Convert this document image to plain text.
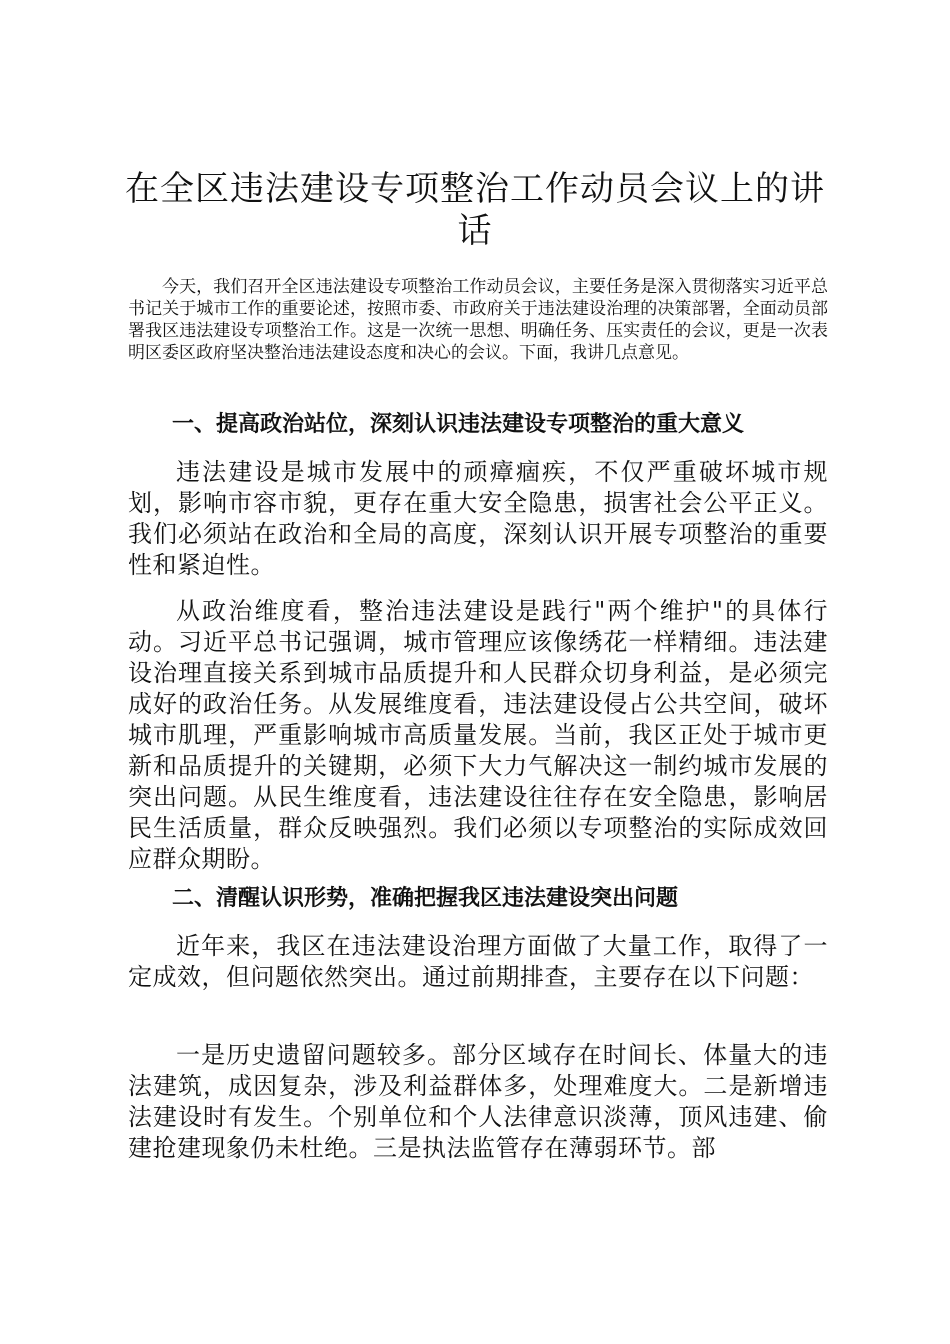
在全区违法建设专项整治工作动员会议上的讲话

今天，我们召开全区违法建设专项整治工作动员会议，主要任务是深入贯彻落实习近平总书记关于城市工作的重要论述，按照市委、市政府关于违法建设治理的决策部署，全面动员部署我区违法建设专项整治工作。这是一次统一思想、明确任务、压实责任的会议，更是一次表明区委区政府坚决整治违法建设态度和决心的会议。下面，我讲几点意见。

一、提高政治站位，深刻认识违法建设专项整治的重大意义

违法建设是城市发展中的顽瘴痼疾，不仅严重破坏城市规划，影响市容市貌，更存在重大安全隐患，损害社会公平正义。我们必须站在政治和全局的高度，深刻认识开展专项整治的重要性和紧迫性。

从政治维度看，整治违法建设是践行"两个维护"的具体行动。习近平总书记强调，城市管理应该像绣花一样精细。违法建设治理直接关系到城市品质提升和人民群众切身利益，是必须完成好的政治任务。从发展维度看，违法建设侵占公共空间，破坏城市肌理，严重影响城市高质量发展。当前，我区正处于城市更新和品质提升的关键期，必须下大力气解决这一制约城市发展的突出问题。从民生维度看，违法建设往往存在安全隐患，影响居民生活质量，群众反映强烈。我们必须以专项整治的实际成效回应群众期盼。

二、清醒认识形势，准确把握我区违法建设突出问题

近年来，我区在违法建设治理方面做了大量工作，取得了一定成效，但问题依然突出。通过前期排查，主要存在以下问题：

一是历史遗留问题较多。部分区域存在时间长、体量大的违法建筑，成因复杂，涉及利益群体多，处理难度大。二是新增违法建设时有发生。个别单位和个人法律意识淡薄，顶风违建、偷建抢建现象仍未杜绝。三是执法监管存在薄弱环节。部
